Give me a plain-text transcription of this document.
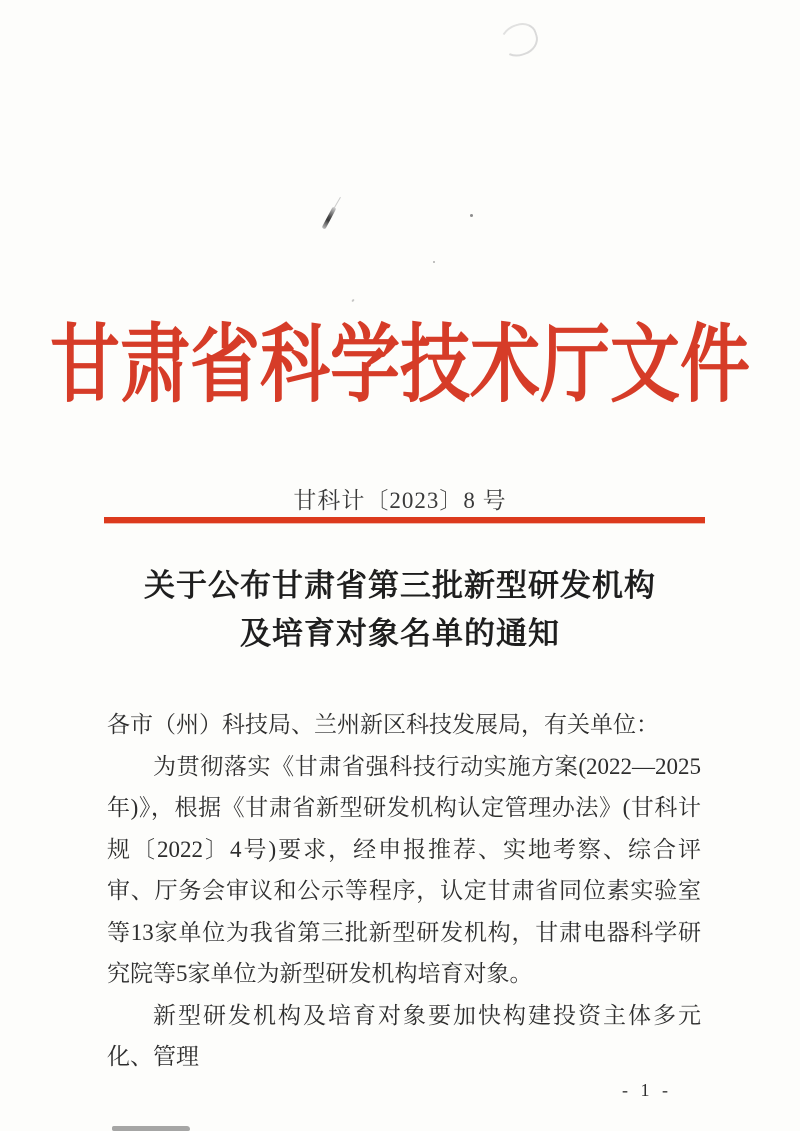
甘肃省科学技术厅文件
甘科计〔2023〕8 号
关于公布甘肃省第三批新型研发机构
及培育对象名单的通知

各市（州）科技局、兰州新区科技发展局，有关单位：

为贯彻落实《甘肃省强科技行动实施方案(2022—2025年)》，根据《甘肃省新型研发机构认定管理办法》(甘科计规〔2022〕4号)要求，经申报推荐、实地考察、综合评审、厅务会审议和公示等程序，认定甘肃省同位素实验室等13家单位为我省第三批新型研发机构，甘肃电器科学研究院等5家单位为新型研发机构培育对象。

新型研发机构及培育对象要加快构建投资主体多元化、管理

- 1 -
